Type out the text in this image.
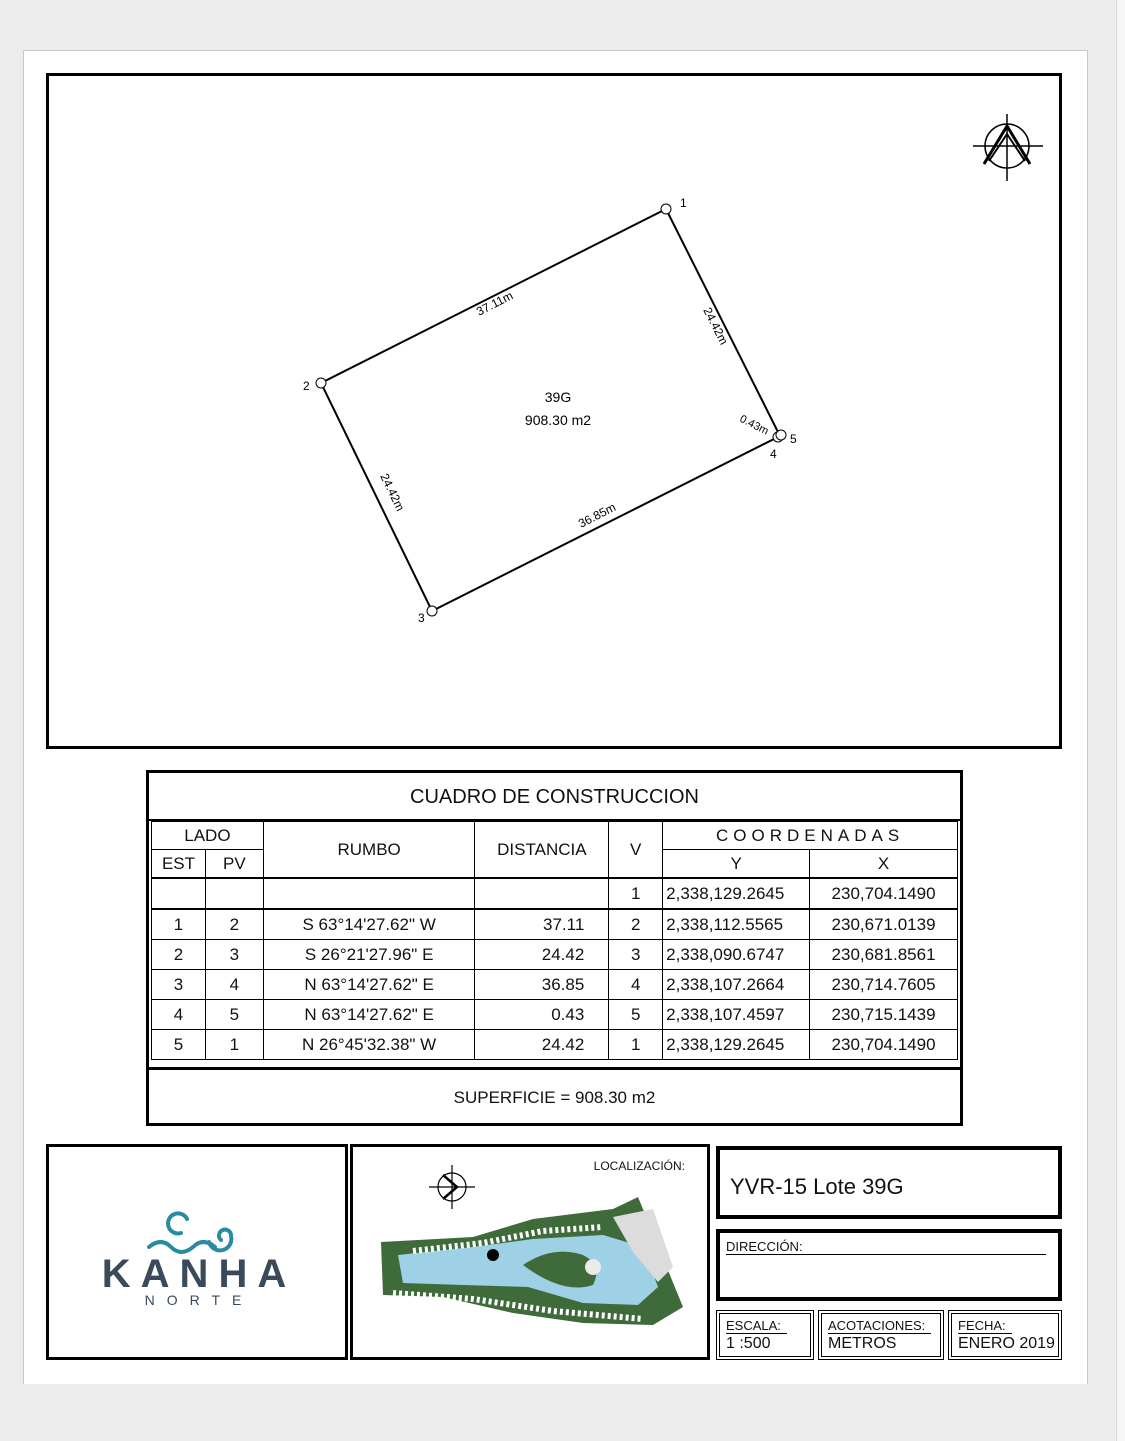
1
2
3
4
5
37.11m
24.42m
24.42m
36.85m
0.43m
39G
908.30 m2
CUADRO DE CONSTRUCCION
LADO		RUMBO	DISTANCIA	V	COORDENADAS	
EST	PV				Y	X
				1	2,338,129.2645	230,704.1490
1	2	S 63°14'27.62" W	37.11	2	2,338,112.5565	230,671.0139
2	3	S 26°21'27.96" E	24.42	3	2,338,090.6747	230,681.8561
3	4	N 63°14'27.62" E	36.85	4	2,338,107.2664	230,714.7605
4	5	N 63°14'27.62" E	0.43	5	2,338,107.4597	230,715.1439
5	1	N 26°45'32.38" W	24.42	1	2,338,129.2645	230,704.1490
SUPERFICIE = 908.30 m2
KANHA
NORTE
LOCALIZACIÓN:
YVR-15 Lote 39G
DIRECCIÓN:
ESCALA:
1 :500
ACOTACIONES:
METROS
FECHA:
ENERO 2019
